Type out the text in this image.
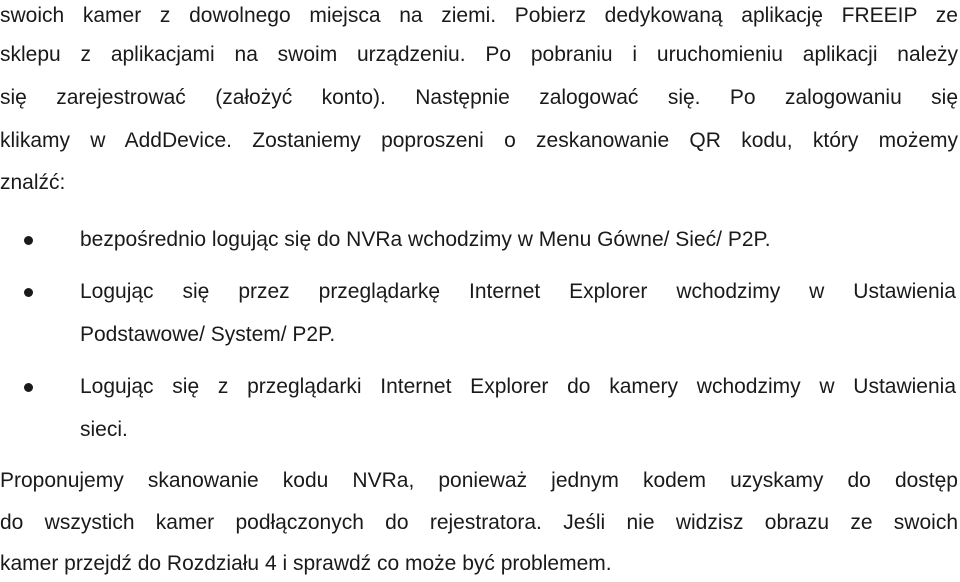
swoich kamer z dowolnego miejsca na ziemi. Pobierz dedykowaną aplikację FREEIP ze
sklepu z aplikacjami na swoim urządzeniu. Po pobraniu i uruchomieniu aplikacji należy
się zarejestrować (założyć konto). Następnie zalogować się. Po zalogowaniu się
klikamy w AddDevice. Zostaniemy poproszeni o zeskanowanie QR kodu, który możemy
znalźć:
bezpośrednio logując się do NVRa wchodzimy w Menu Gówne/ Sieć/ P2P.
Logując się przez przeglądarkę Internet Explorer wchodzimy w Ustawienia
Podstawowe/ System/ P2P.
Logując się z przeglądarki Internet Explorer do kamery wchodzimy w Ustawienia
sieci.
Proponujemy skanowanie kodu NVRa, ponieważ jednym kodem uzyskamy do dostęp
do wszystich kamer podłączonych do rejestratora. Jeśli nie widzisz obrazu ze swoich
kamer przejdź do Rozdziału 4 i sprawdź co może być problemem.
